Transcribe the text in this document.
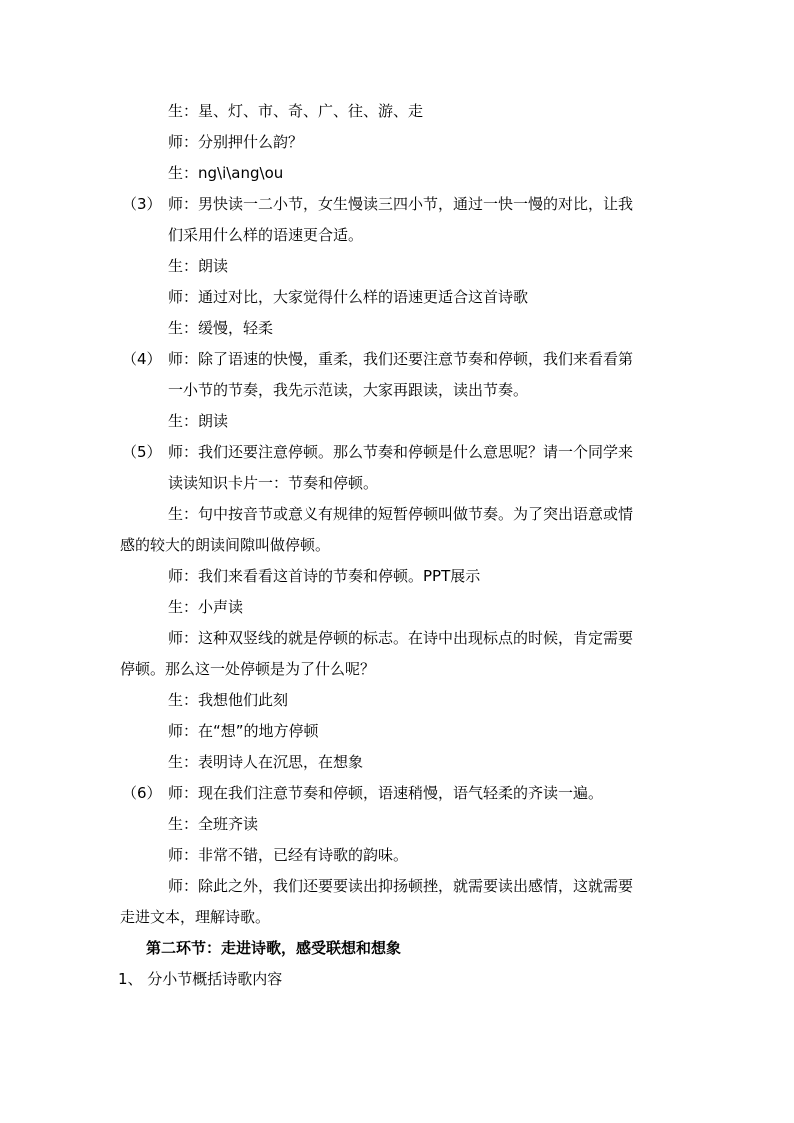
生：星、灯、市、奇、广、往、游、走
师：分别押什么韵？
生：ng\i\ang\ou
（3） 师：男快读一二小节，女生慢读三四小节，通过一快一慢的对比，让我
们采用什么样的语速更合适。
生：朗读
师：通过对比，大家觉得什么样的语速更适合这首诗歌
生：缓慢，轻柔
（4） 师：除了语速的快慢，重柔，我们还要注意节奏和停顿，我们来看看第
一小节的节奏，我先示范读，大家再跟读，读出节奏。
生：朗读
（5） 师：我们还要注意停顿。那么节奏和停顿是什么意思呢？请一个同学来
读读知识卡片一：节奏和停顿。
生：句中按音节或意义有规律的短暂停顿叫做节奏。为了突出语意或情
感的较大的朗读间隙叫做停顿。
师：我们来看看这首诗的节奏和停顿。PPT展示
生：小声读
师：这种双竖线的就是停顿的标志。在诗中出现标点的时候，肯定需要
停顿。那么这一处停顿是为了什么呢？
生：我想他们此刻
师：在“想”的地方停顿
生：表明诗人在沉思，在想象
（6） 师：现在我们注意节奏和停顿，语速稍慢，语气轻柔的齐读一遍。
生：全班齐读
师：非常不错，已经有诗歌的韵味。
师：除此之外，我们还要要读出抑扬顿挫，就需要读出感情，这就需要
走进文本，理解诗歌。
第二环节：走进诗歌，感受联想和想象
1、 分小节概括诗歌内容
